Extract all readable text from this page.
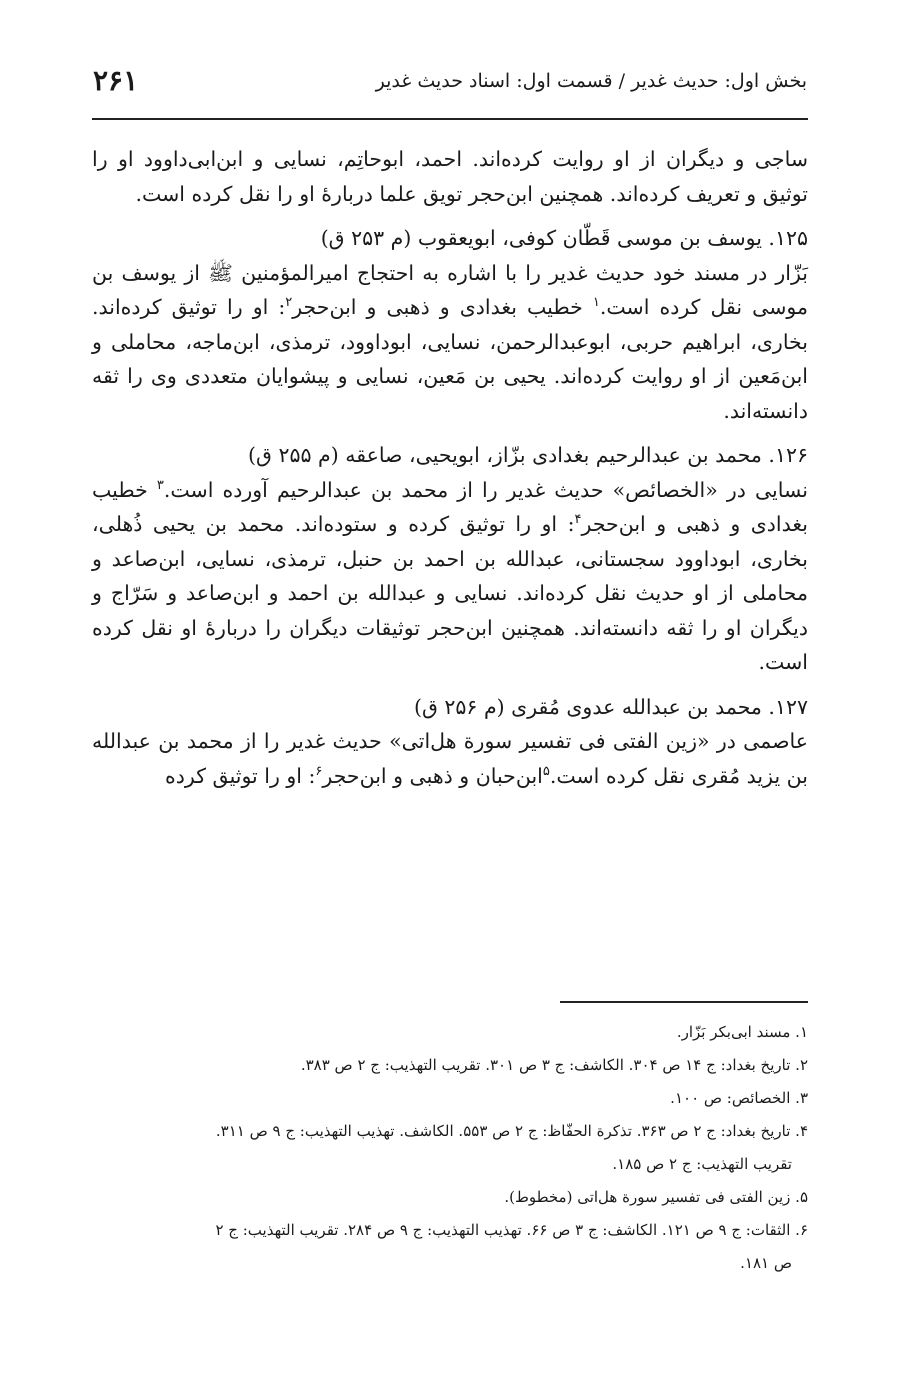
بخش اول: حدیث غدیر / قسمت اول: اسناد حدیث غدیر
۲۶۱

ساجی و دیگران از او روایت کرده‌اند. احمد، ابوحاتِم، نسایی و ابن‌ابی‌داوود او را توثیق و تعریف کرده‌اند. همچنین ابن‌حجر تویق علما دربارهٔ او را نقل کرده است.

۱۲۵. یوسف بن موسی قَطّان کوفی، ابویعقوب (م ۲۵۳ ق)

بَزّار در مسند خود حدیث غدیر را با اشاره به احتجاج امیرالمؤمنین ﷺ از یوسف بن موسی نقل کرده است.$^۱$ خطیب بغدادی و ذهبی و ابن‌حجر$^۲$: او را توثیق کرده‌اند. بخاری، ابراهیم حربی، ابوعبدالرحمن، نسایی، ابوداوود، ترمذی، ابن‌ماجه، محاملی و ابن‌مَعین از او روایت کرده‌اند. یحیی بن مَعین، نسایی و پیشوایان متعددی وی را ثقه دانسته‌اند.

۱۲۶. محمد بن عبدالرحیم بغدادی بزّاز، ابویحیی، صاعقه (م ۲۵۵ ق)

نسایی در «الخصائص» حدیث غدیر را از محمد بن عبدالرحیم آورده است.$^۳$ خطیب بغدادی و ذهبی و ابن‌حجر$^۴$: او را توثیق کرده و ستوده‌اند. محمد بن یحیی ذُهلی، بخاری، ابوداوود سجستانی، عبدالله بن احمد بن حنبل، ترمذی، نسایی، ابن‌صاعد و محاملی از او حدیث نقل کرده‌اند. نسایی و عبدالله بن احمد و ابن‌صاعد و سَرّاج و دیگران او را ثقه دانسته‌اند. همچنین ابن‌حجر توثیقات دیگران را دربارهٔ او نقل کرده است.

۱۲۷. محمد بن عبدالله عدوی مُقری (م ۲۵۶ ق)

عاصمی در «زین الفتی فی تفسیر سورة هل‌اتی» حدیث غدیر را از محمد بن عبدالله بن یزید مُقری نقل کرده است.$^۵$ابن‌حبان و ذهبی و ابن‌حجر$^۶$: او را توثیق کرده

۱. مسند ابی‌بکر بَزّار.

۲. تاریخ بغداد: ج ۱۴ ص ۳۰۴. الکاشف: ج ۳ ص ۳۰۱. تقریب التهذیب: ج ۲ ص ۳۸۳.

۳. الخصائص: ص ۱۰۰.

۴. تاریخ بغداد: ج ۲ ص ۳۶۳. تذکرة الحفّاظ: ج ۲ ص ۵۵۳. الکاشف. تهذیب التهذیب: ج ۹ ص ۳۱۱.

تقریب التهذیب: ج ۲ ص ۱۸۵.

۵. زین الفتی فی تفسیر سورة هل‌اتی (مخطوط).

۶. الثقات: ج ۹ ص ۱۲۱. الکاشف: ج ۳ ص ۶۶. تهذیب التهذیب: ج ۹ ص ۲۸۴. تقریب التهذیب: ج ۲

ص ۱۸۱.
